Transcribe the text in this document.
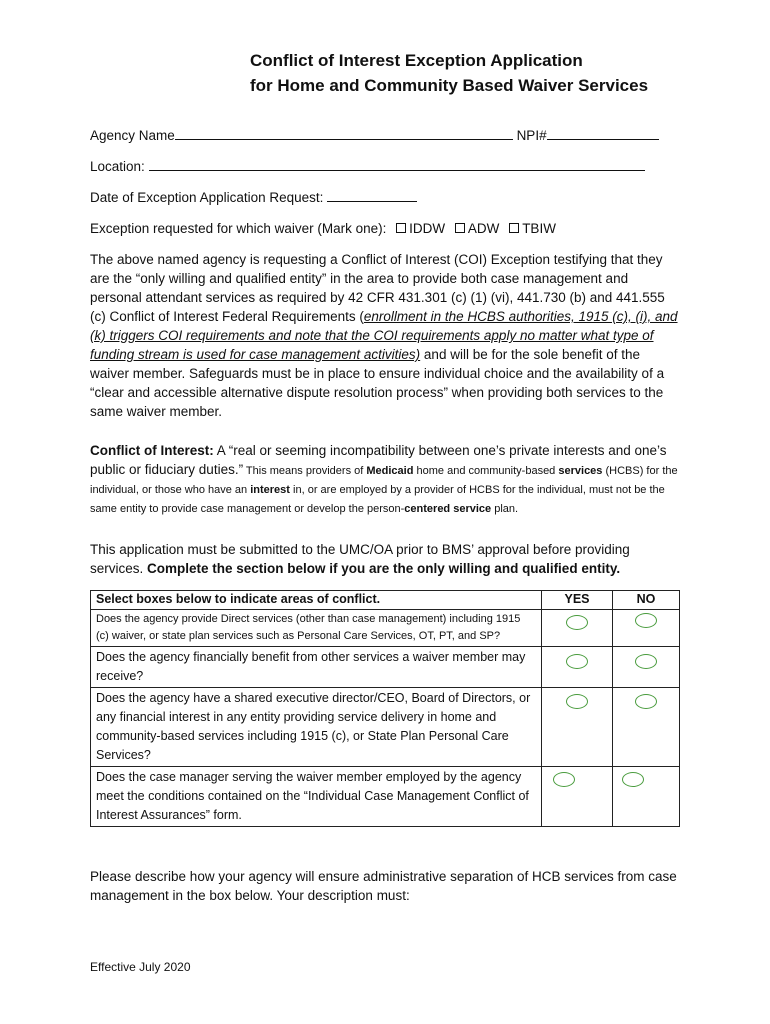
Conflict of Interest Exception Application
for Home and Community Based Waiver Services
Agency Name	NPI#
Location:
Date of Exception Application Request:
Exception requested for which waiver (Mark one): IDDW ADW TBIW
The above named agency is requesting a Conflict of Interest (COI) Exception testifying that they are the “only willing and qualified entity” in the area to provide both case management and personal attendant services as required by 42 CFR 431.301 (c) (1) (vi), 441.730 (b) and 441.555 (c) Conflict of Interest Federal Requirements (enrollment in the HCBS authorities, 1915 (c), (i), and (k) triggers COI requirements and note that the COI requirements apply no matter what type of funding stream is used for case management activities) and will be for the sole benefit of the waiver member. Safeguards must be in place to ensure individual choice and the availability of a “clear and accessible alternative dispute resolution process” when providing both services to the same waiver member.
Conflict of Interest: A “real or seeming incompatibility between one’s private interests and one’s public or fiduciary duties.” This means providers of Medicaid home and community-based services (HCBS) for the individual, or those who have an interest in, or are employed by a provider of HCBS for the individual, must not be the same entity to provide case management or develop the person-centered service plan.
This application must be submitted to the UMC/OA prior to BMS’ approval before providing services. Complete the section below if you are the only willing and qualified entity.
Select boxes below to indicate areas of conflict.	YES	NO
Does the agency provide Direct services (other than case management) including 1915 (c) waiver, or state plan services such as Personal Care Services, OT, PT, and SP?	

Does the agency financially benefit from other services a waiver member may receive?	

Does the agency have a shared executive director/CEO, Board of Directors, or any financial interest in any entity providing service delivery in home and community-based services including 1915 (c), or State Plan Personal Care Services?	

Does the case manager serving the waiver member employed by the agency meet the conditions contained on the “Individual Case Management Conflict of Interest Assurances” form.	

Please describe how your agency will ensure administrative separation of HCB services from case management in the box below. Your description must:
Effective July 2020
